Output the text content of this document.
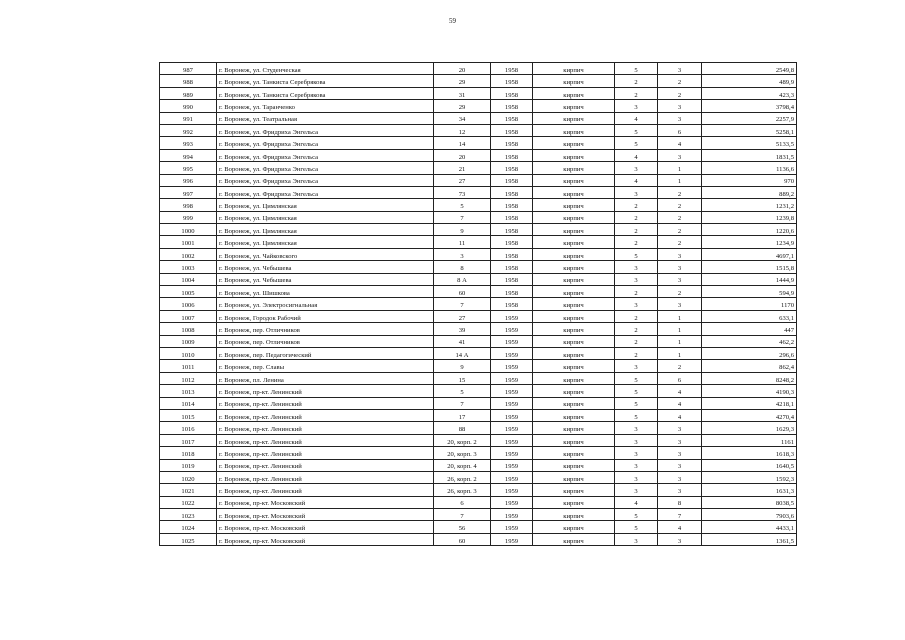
59
987	г. Воронеж, ул. Студенческая	20	1958	кирпич	5	3	2549,8
988	г. Воронеж, ул. Танкиста Серебрякова	29	1958	кирпич	2	2	489,9
989	г. Воронеж, ул. Танкиста Серебрякова	31	1958	кирпич	2	2	423,3
990	г. Воронеж, ул. Таранченко	29	1958	кирпич	3	3	3798,4
991	г. Воронеж, ул. Театральная	34	1958	кирпич	4	3	2257,9
992	г. Воронеж, ул. Фридриха Энгельса	12	1958	кирпич	5	6	5258,1
993	г. Воронеж, ул. Фридриха Энгельса	14	1958	кирпич	5	4	5133,5
994	г. Воронеж, ул. Фридриха Энгельса	20	1958	кирпич	4	3	1831,5
995	г. Воронеж, ул. Фридриха Энгельса	21	1958	кирпич	3	1	1136,6
996	г. Воронеж, ул. Фридриха Энгельса	27	1958	кирпич	4	1	970
997	г. Воронеж, ул. Фридриха Энгельса	73	1958	кирпич	3	2	889,2
998	г. Воронеж, ул. Цимлянская	5	1958	кирпич	2	2	1231,2
999	г. Воронеж, ул. Цимлянская	7	1958	кирпич	2	2	1239,8
1000	г. Воронеж, ул. Цимлянская	9	1958	кирпич	2	2	1220,6
1001	г. Воронеж, ул. Цимлянская	11	1958	кирпич	2	2	1234,9
1002	г. Воронеж, ул. Чайковского	3	1958	кирпич	5	3	4697,1
1003	г. Воронеж, ул. Чебышева	8	1958	кирпич	3	3	1515,8
1004	г. Воронеж, ул. Чебышева	8 А	1958	кирпич	3	3	1444,9
1005	г. Воронеж, ул. Шишкова	60	1958	кирпич	2	2	594,9
1006	г. Воронеж, ул. Электросигнальная	7	1958	кирпич	3	3	1170
1007	г. Воронеж, Городок Рабочий	27	1959	кирпич	2	1	633,1
1008	г. Воронеж, пер. Отличников	39	1959	кирпич	2	1	447
1009	г. Воронеж, пер. Отличников	41	1959	кирпич	2	1	462,2
1010	г. Воронеж, пер. Педагогический	14 А	1959	кирпич	2	1	296,6
1011	г. Воронеж, пер. Славы	9	1959	кирпич	3	2	862,4
1012	г. Воронеж, пл. Ленина	15	1959	кирпич	5	6	8248,2
1013	г. Воронеж, пр-кт. Ленинский	5	1959	кирпич	5	4	4190,3
1014	г. Воронеж, пр-кт. Ленинский	7	1959	кирпич	5	4	4218,1
1015	г. Воронеж, пр-кт. Ленинский	17	1959	кирпич	5	4	4270,4
1016	г. Воронеж, пр-кт. Ленинский	88	1959	кирпич	3	3	1629,3
1017	г. Воронеж, пр-кт. Ленинский	20, корп. 2	1959	кирпич	3	3	1161
1018	г. Воронеж, пр-кт. Ленинский	20, корп. 3	1959	кирпич	3	3	1618,3
1019	г. Воронеж, пр-кт. Ленинский	20, корп. 4	1959	кирпич	3	3	1640,5
1020	г. Воронеж, пр-кт. Ленинский	26, корп. 2	1959	кирпич	3	3	1592,3
1021	г. Воронеж, пр-кт. Ленинский	26, корп. 3	1959	кирпич	3	3	1631,3
1022	г. Воронеж, пр-кт. Московский	6	1959	кирпич	4	8	8038,5
1023	г. Воронеж, пр-кт. Московский	7	1959	кирпич	5	7	7903,6
1024	г. Воронеж, пр-кт. Московский	56	1959	кирпич	5	4	4433,1
1025	г. Воронеж, пр-кт. Московский	60	1959	кирпич	3	3	1361,5
